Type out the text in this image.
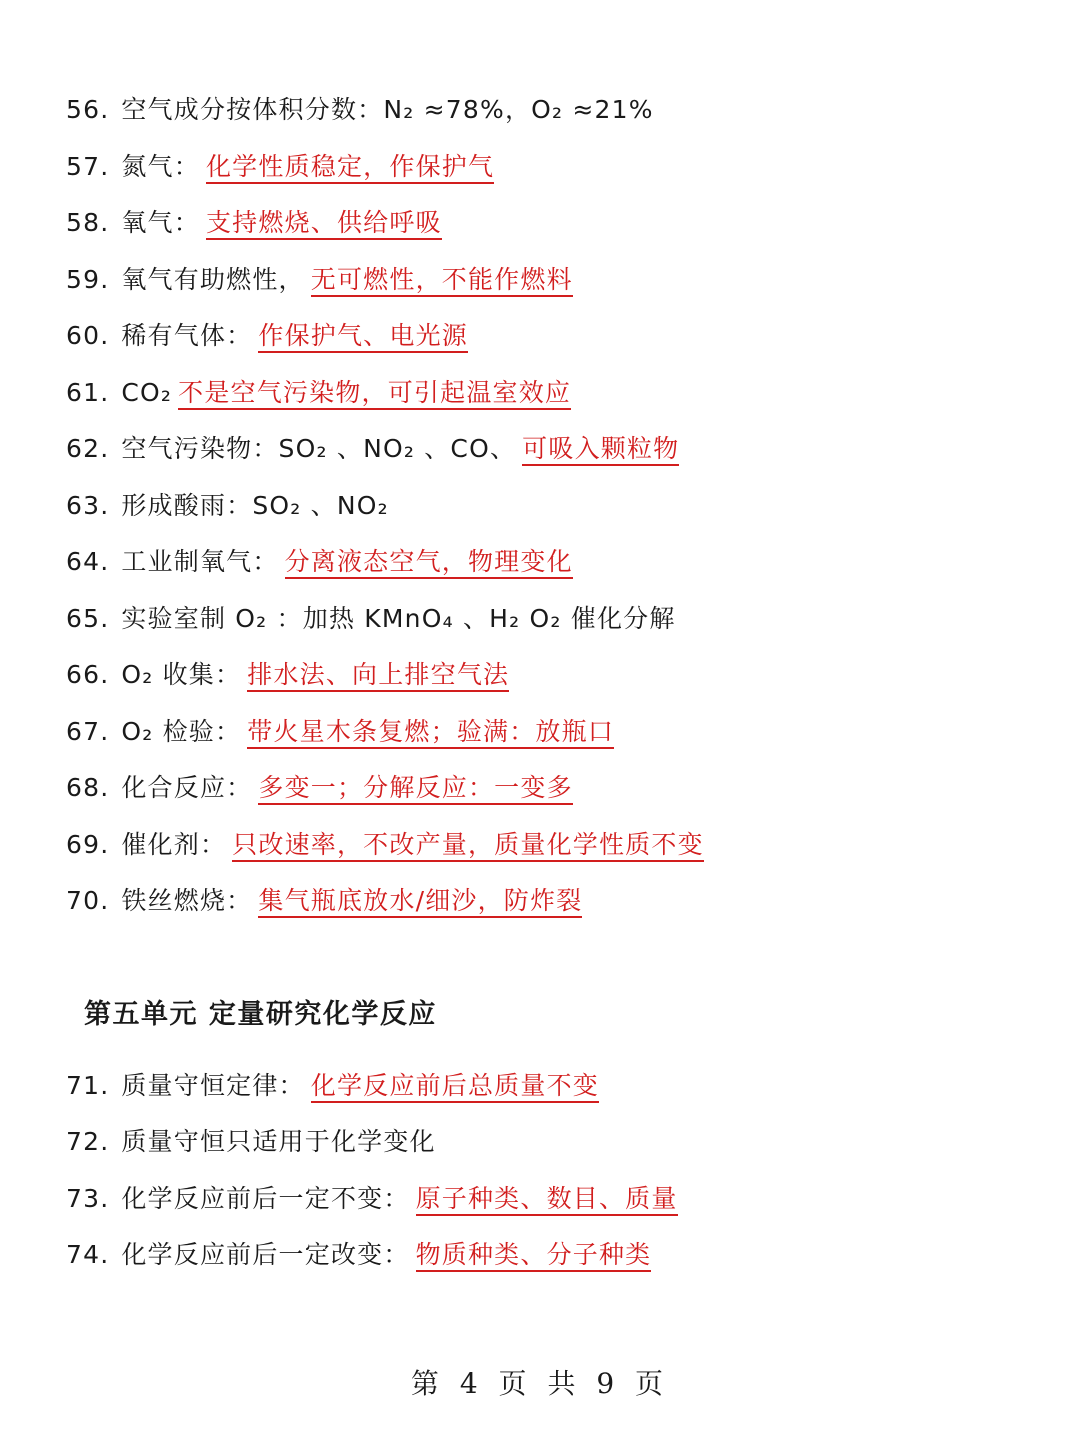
56. 空气成分按体积分数：N₂ ≈78%，O₂ ≈21%
57. 氮气： 化学性质稳定，作保护气
58. 氧气： 支持燃烧、供给呼吸
59. 氧气有助燃性， 无可燃性，不能作燃料
60. 稀有气体： 作保护气、电光源
61. CO₂ 不是空气污染物，可引起温室效应
62. 空气污染物：SO₂ 、NO₂ 、CO、 可吸入颗粒物
63. 形成酸雨：SO₂ 、NO₂
64. 工业制氧气： 分离液态空气，物理变化
65. 实验室制 O₂ ：加热 KMnO₄ 、H₂ O₂ 催化分解
66. O₂ 收集： 排水法、向上排空气法
67. O₂ 检验： 带火星木条复燃；验满：放瓶口
68. 化合反应： 多变一；分解反应：一变多
69. 催化剂： 只改速率，不改产量，质量化学性质不变
70. 铁丝燃烧： 集气瓶底放水/细沙，防炸裂
第五单元 定量研究化学反应
71. 质量守恒定律： 化学反应前后总质量不变
72. 质量守恒只适用于化学变化
73. 化学反应前后一定不变： 原子种类、数目、质量
74. 化学反应前后一定改变： 物质种类、分子种类
第 4 页 共 9 页
